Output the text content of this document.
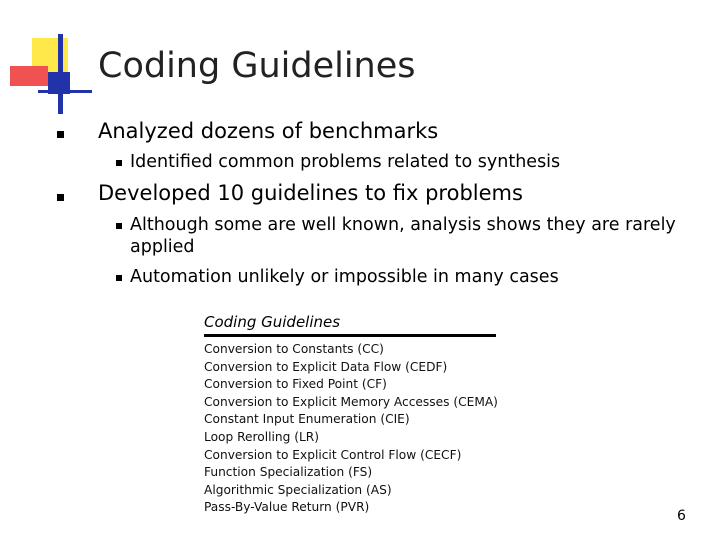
Coding Guidelines
Analyzed dozens of benchmarks
Identified common problems related to synthesis
Developed 10 guidelines to fix problems
Although some are well known, analysis shows they are rarely applied
Automation unlikely or impossible in many cases
Coding Guidelines
Conversion to Constants (CC)
Conversion to Explicit Data Flow (CEDF)
Conversion to Fixed Point (CF)
Conversion to Explicit Memory Accesses (CEMA)
Constant Input Enumeration (CIE)
Loop Rerolling (LR)
Conversion to Explicit Control Flow (CECF)
Function Specialization (FS)
Algorithmic Specialization (AS)
Pass-By-Value Return (PVR)
6
